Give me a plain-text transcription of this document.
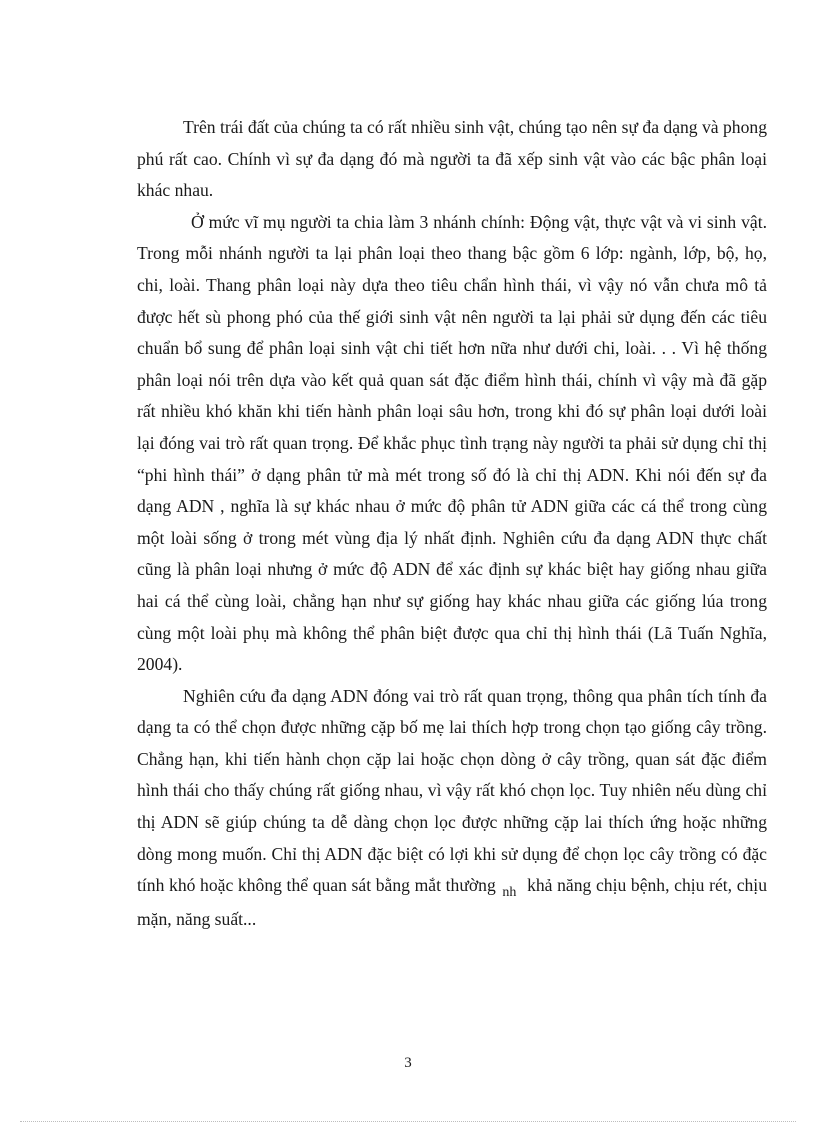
Trên trái đất của chúng ta có rất nhiều sinh vật, chúng tạo nên sự đa dạng và phong phú rất cao. Chính vì sự đa dạng đó mà người ta đã xếp sinh vật vào các bậc phân loại khác nhau.

Ở mức vĩ mụ người ta chia làm 3 nhánh chính: Động vật, thực vật và vi sinh vật. Trong mỗi nhánh người ta lại phân loại theo thang bậc gồm 6 lớp: ngành, lớp, bộ, họ, chi, loài. Thang phân loại này dựa theo tiêu chẩn hình thái, vì vậy nó vẫn chưa mô tả được hết sù phong phó của thế giới sinh vật nên người ta lại phải sử dụng đến các tiêu chuẩn bổ sung để phân loại sinh vật chi tiết hơn nữa như dưới chi, loài. . . Vì hệ thống phân loại nói trên dựa vào kết quả quan sát đặc điểm hình thái, chính vì vậy mà đã gặp rất nhiều khó khăn khi tiến hành phân loại sâu hơn, trong khi đó sự phân loại dưới loài lại đóng vai trò rất quan trọng. Để khắc phục tình trạng này người ta phải sử dụng chỉ thị “phi hình thái” ở dạng phân tử mà mét trong số đó là chỉ thị ADN. Khi nói đến sự đa dạng ADN , nghĩa là sự khác nhau ở mức độ phân tử ADN giữa các cá thể trong cùng một loài sống ở trong mét vùng địa lý nhất định. Nghiên cứu đa dạng ADN thực chất cũng là phân loại nhưng ở mức độ ADN để xác định sự khác biệt hay giống nhau giữa hai cá thể cùng loài, chẳng hạn như sự giống hay khác nhau giữa các giống lúa trong cùng một loài phụ mà không thể phân biệt được qua chỉ thị hình thái (Lã Tuấn Nghĩa, 2004).

Nghiên cứu đa dạng ADN đóng vai trò rất quan trọng, thông qua phân tích tính đa dạng ta có thể chọn được những cặp bố mẹ lai thích hợp trong chọn tạo giống cây trồng. Chẳng hạn, khi tiến hành chọn cặp lai hoặc chọn dòng ở cây trồng, quan sát đặc điểm hình thái cho thấy chúng rất giống nhau, vì vậy rất khó chọn lọc. Tuy nhiên nếu dùng chỉ thị ADN sẽ giúp chúng ta dễ dàng chọn lọc được những cặp lai thích ứng hoặc những dòng mong muốn. Chỉ thị ADN đặc biệt có lợi khi sử dụng để chọn lọc cây trồng có đặc tính khó hoặc không thể quan sát bằng mắt thường $_{nh}$ khả năng chịu bệnh, chịu rét, chịu mặn, năng suất...

3
